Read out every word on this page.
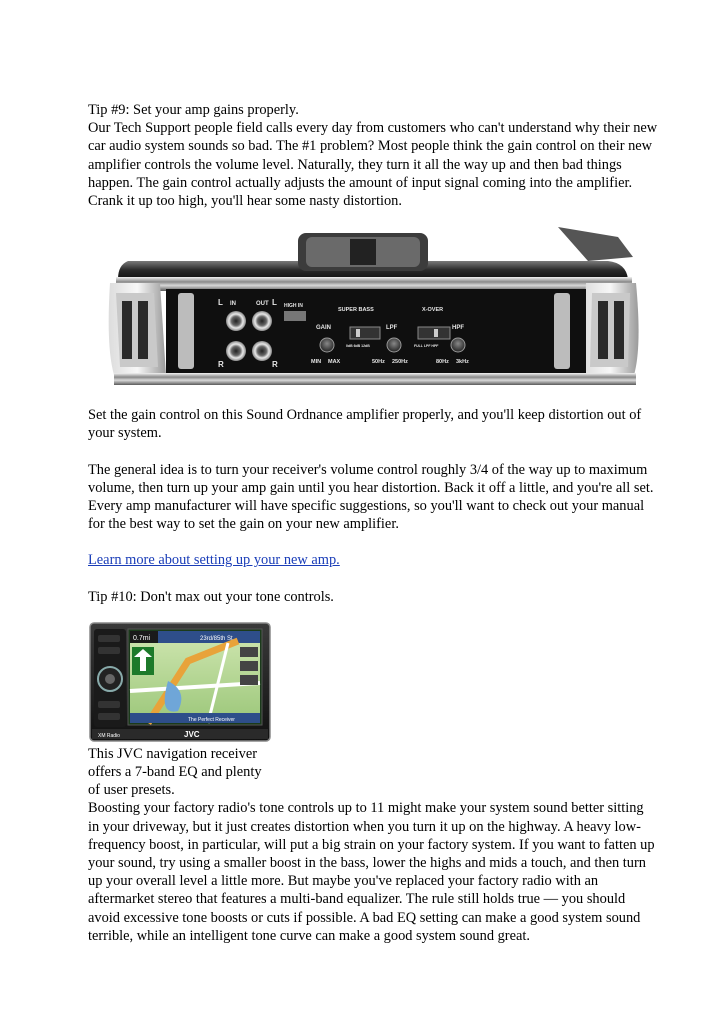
Tip #9: Set your amp gains properly.

Our Tech Support people field calls every day from customers who can't understand why their new car audio system sounds so bad. The #1 problem? Most people think the gain control on their new amplifier controls the volume level. Naturally, they turn it all the way up and then bad things happen. The gain control actually adjusts the amount of input signal coming into the amplifier. Crank it up too high, you'll hear some nasty distortion.

L IN	OUT L HIGH IN
R	R
SUPER BASS	X-OVER
GAIN	LPF	HPF
0dB 6dB 12dB	FULL LPF HPF
MIN MAX	50Hz 250Hz	80Hz 3kHz

Set the gain control on this Sound Ordnance amplifier properly, and you'll keep distortion out of your system.

The general idea is to turn your receiver's volume control roughly 3/4 of the way up to maximum volume, then turn up your amp gain until you hear distortion. Back it off a little, and you're all set. Every amp manufacturer will have specific suggestions, so you'll want to check out your manual for the best way to set the gain on your new amplifier.

Learn more about setting up your new amp.

Tip #10: Don't max out your tone controls.

0.7mi	23rd/85th St
The Perfect Receiver
JVC
XM Radio

This JVC navigation receiver

offers a 7-band EQ and plenty

of user presets.

Boosting your factory radio's tone controls up to 11 might make your system sound better sitting in your driveway, but it just creates distortion when you turn it up on the highway. A heavy low-frequency boost, in particular, will put a big strain on your factory system. If you want to fatten up your sound, try using a smaller boost in the bass, lower the highs and mids a touch, and then turn up your overall level a little more. But maybe you've replaced your factory radio with an aftermarket stereo that features a multi-band equalizer. The rule still holds true — you should avoid excessive tone boosts or cuts if possible. A bad EQ setting can make a good system sound terrible, while an intelligent tone curve can make a good system sound great.
